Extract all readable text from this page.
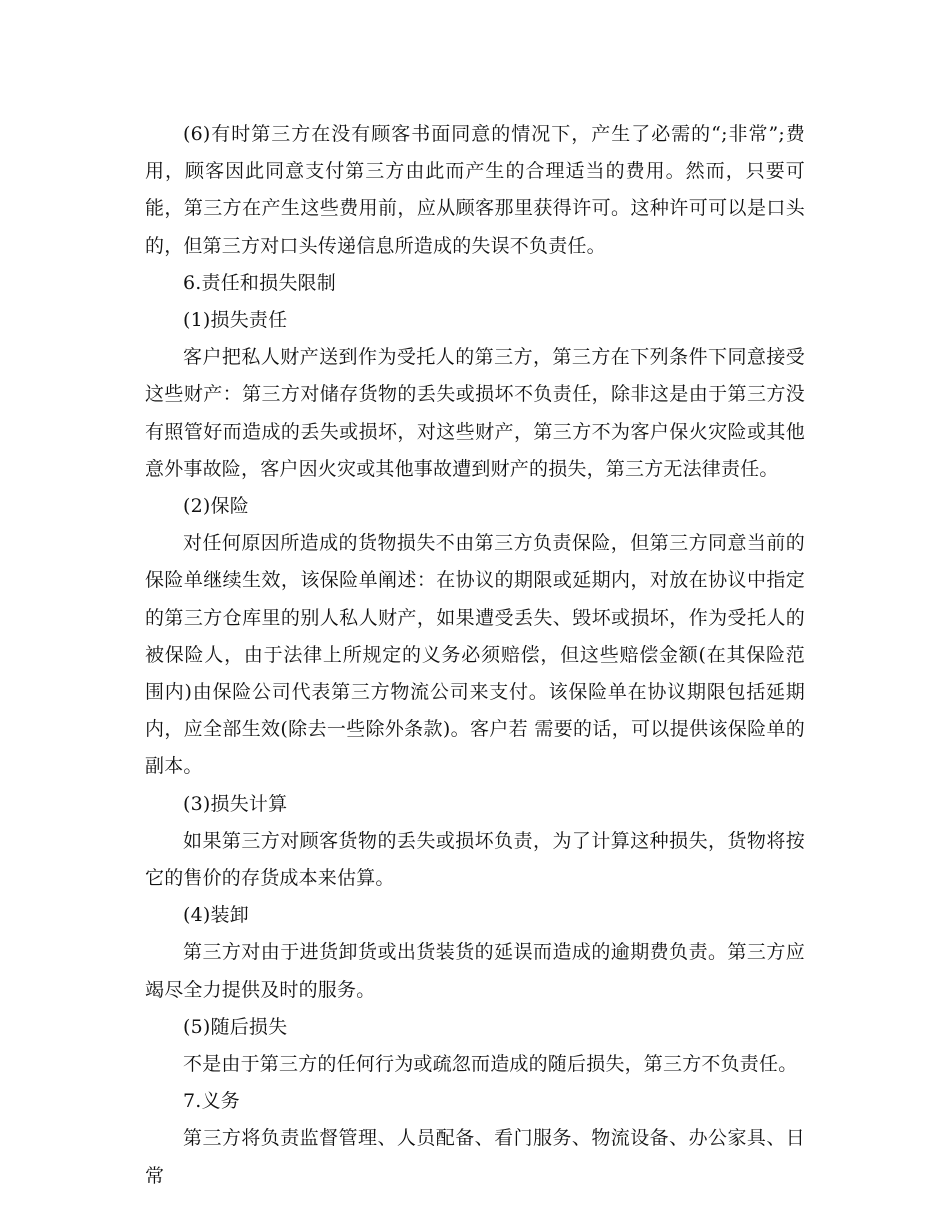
(6)有时第三方在没有顾客书面同意的情况下，产生了必需的“;非常”;费用，顾客因此同意支付第三方由此而产生的合理适当的费用。然而，只要可能，第三方在产生这些费用前，应从顾客那里获得许可。这种许可可以是口头的，但第三方对口头传递信息所造成的失误不负责任。

6.责任和损失限制

(1)损失责任

客户把私人财产送到作为受托人的第三方，第三方在下列条件下同意接受这些财产：第三方对储存货物的丢失或损坏不负责任，除非这是由于第三方没有照管好而造成的丢失或损坏，对这些财产，第三方不为客户保火灾险或其他意外事故险，客户因火灾或其他事故遭到财产的损失，第三方无法律责任。

(2)保险

对任何原因所造成的货物损失不由第三方负责保险，但第三方同意当前的保险单继续生效，该保险单阐述：在协议的期限或延期内，对放在协议中指定的第三方仓库里的别人私人财产，如果遭受丢失、毁坏或损坏，作为受托人的被保险人，由于法律上所规定的义务必须赔偿，但这些赔偿金额(在其保险范围内)由保险公司代表第三方物流公司来支付。该保险单在协议期限包括延期内，应全部生效(除去一些除外条款)。客户若 需要的话，可以提供该保险单的副本。

(3)损失计算

如果第三方对顾客货物的丢失或损坏负责，为了计算这种损失，货物将按它的售价的存货成本来估算。

(4)装卸

第三方对由于进货卸货或出货装货的延误而造成的逾期费负责。第三方应竭尽全力提供及时的服务。

(5)随后损失

不是由于第三方的任何行为或疏忽而造成的随后损失，第三方不负责任。

7.义务

第三方将负责监督管理、人员配备、看门服务、物流设备、办公家具、日常
